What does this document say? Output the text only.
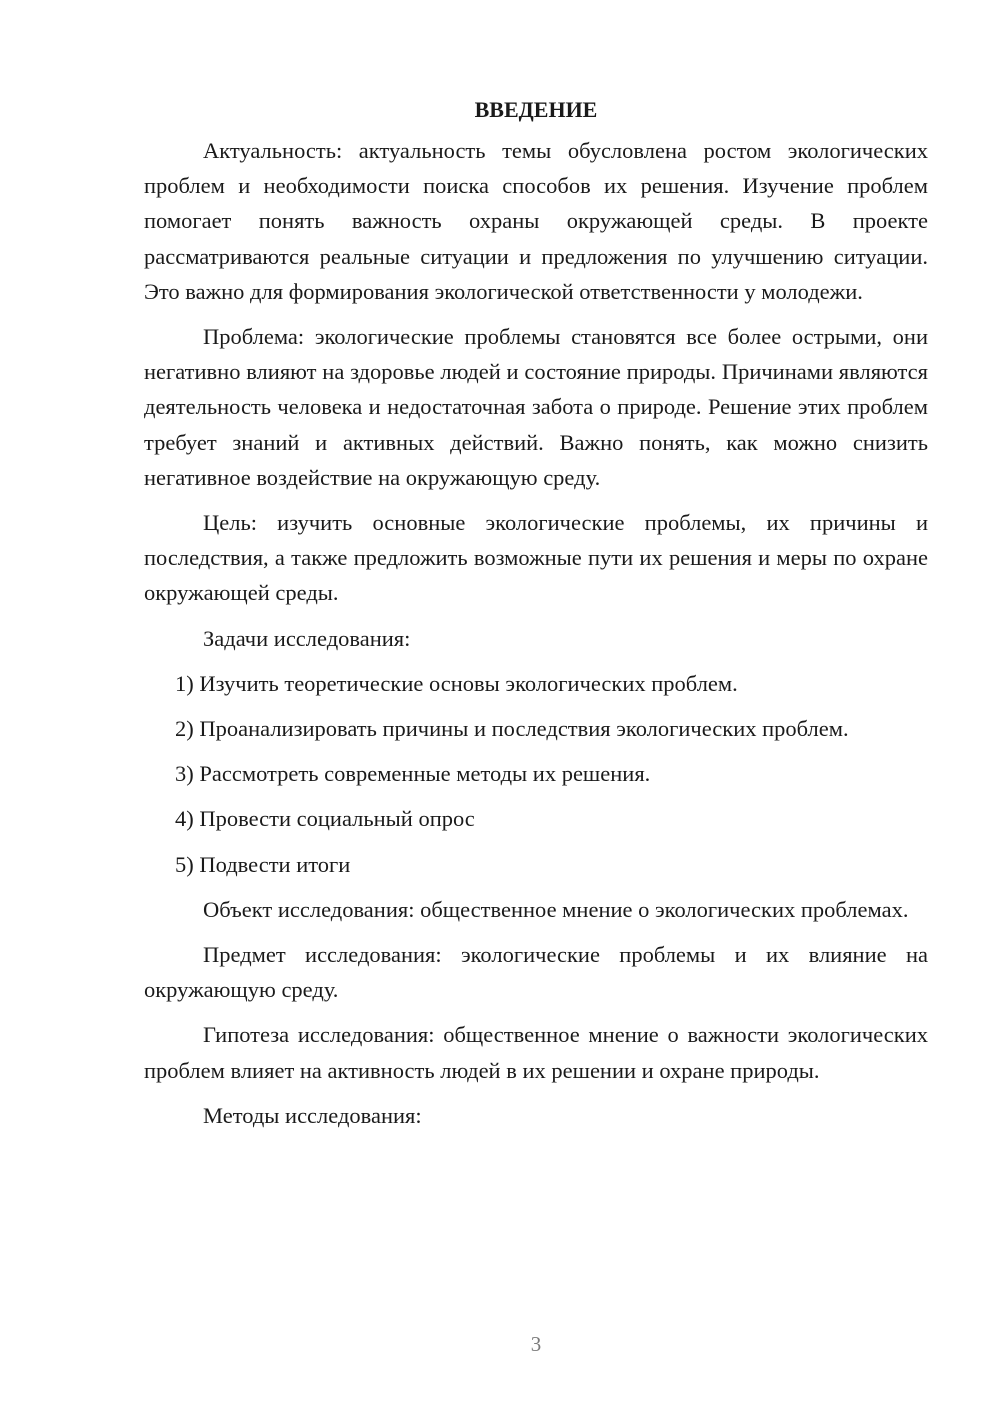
ВВЕДЕНИЕ

Актуальность: актуальность темы обусловлена ростом экологических проблем и необходимости поиска способов их решения. Изучение проблем помогает понять важность охраны окружающей среды. В проекте рассматриваются реальные ситуации и предложения по улучшению ситуации. Это важно для формирования экологической ответственности у молодежи.

Проблема: экологические проблемы становятся все более острыми, они негативно влияют на здоровье людей и состояние природы. Причинами являются деятельность человека и недостаточная забота о природе. Решение этих проблем требует знаний и активных действий. Важно понять, как можно снизить негативное воздействие на окружающую среду.

Цель: изучить основные экологические проблемы, их причины и последствия, а также предложить возможные пути их решения и меры по охране окружающей среды.

Задачи исследования:

1) Изучить теоретические основы экологических проблем.
2) Проанализировать причины и последствия экологических проблем.
3) Рассмотреть современные методы их решения.
4) Провести социальный опрос
5) Подвести итоги

Объект исследования: общественное мнение о экологических проблемах.

Предмет исследования: экологические проблемы и их влияние на окружающую среду.

Гипотеза исследования: общественное мнение о важности экологических проблем влияет на активность людей в их решении и охране природы.

Методы исследования:

3
